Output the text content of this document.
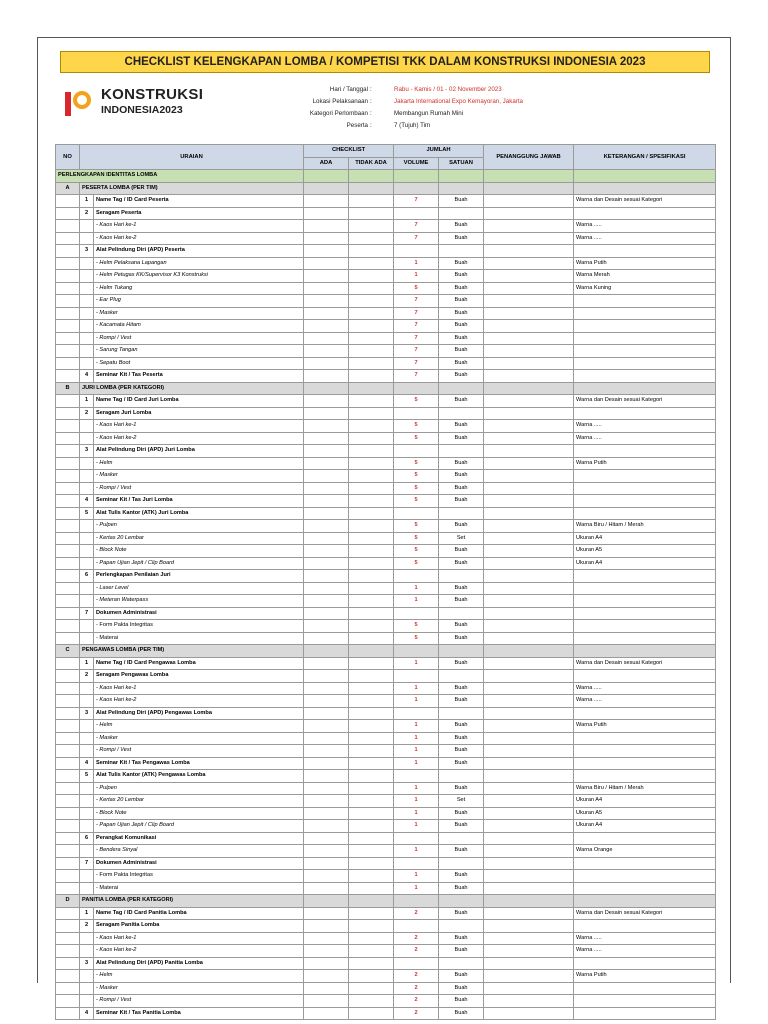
CHECKLIST KELENGKAPAN LOMBA / KOMPETISI TKK DALAM KONSTRUKSI INDONESIA 2023
KONSTRUKSI
INDONESIA2023
Hari / Tanggal :	Rabu - Kamis / 01 - 02 November 2023
Lokasi Pelaksanaan :	Jakarta International Expo Kemayoran, Jakarta
Kategori Perlombaan :	Membangun Rumah Mini
Peserta :	7 (Tujuh) Tim
NO	URAIAN		CHECKLIST		JUMLAH		PENANGGUNG JAWAB	KETERANGAN / SPESIFIKASI
			ADA	TIDAK ADA	VOLUME	SATUAN		
PERLENGKAPAN IDENTITAS LOMBA								
A	PESERTA LOMBA (PER TIM)							
	1	Name Tag / ID Card Peserta			7	Buah		Warna dan Desain sesuai Kategori
	2	Seragam Peserta						
		- Kaos Hari ke-1			7	Buah		Warna .....
		- Kaos Hari ke-2			7	Buah		Warna .....
	3	Alat Pelindung Diri (APD) Peserta						
		- Helm Pelaksana Lapangan			1	Buah		Warna Putih
		- Helm Petugas KK/Supervisor K3 Konstruksi			1	Buah		Warna Merah
		- Helm Tukang			5	Buah		Warna Kuning
		- Ear Plug			7	Buah		
		- Masker			7	Buah		
		- Kacamata Hitam			7	Buah		
		- Rompi / Vest			7	Buah		
		- Sarung Tangan			7	Buah		
		- Sepatu Boot			7	Buah		
	4	Seminar Kit / Tas Peserta			7	Buah		
B	JURI LOMBA (PER KATEGORI)							
	1	Name Tag / ID Card Juri Lomba			5	Buah		Warna dan Desain sesuai Kategori
	2	Seragam Juri Lomba						
		- Kaos Hari ke-1			5	Buah		Warna .....
		- Kaos Hari ke-2			5	Buah		Warna .....
	3	Alat Pelindung Diri (APD) Juri Lomba						
		- Helm			5	Buah		Warna Putih
		- Masker			5	Buah		
		- Rompi / Vest			5	Buah		
	4	Seminar Kit / Tas Juri Lomba			5	Buah		
	5	Alat Tulis Kantor (ATK) Juri Lomba						
		- Pulpen			5	Buah		Warna Biru / Hitam / Merah
		- Kertas 20 Lembar			5	Set		Ukuran A4
		- Block Note			5	Buah		Ukuran A5
		- Papan Ujian Jepit / Clip Board			5	Buah		Ukuran A4
	6	Perlengkapan Penilaian Juri						
		- Laser Level			1	Buah		
		- Meteran Waterpass			1	Buah		
	7	Dokumen Administrasi						
		- Form Pakta Integritas			5	Buah		
		- Materai			5	Buah		
C	PENGAWAS LOMBA (PER TIM)							
	1	Name Tag / ID Card Pengawas Lomba			1	Buah		Warna dan Desain sesuai Kategori
	2	Seragam Pengawas Lomba						
		- Kaos Hari ke-1			1	Buah		Warna .....
		- Kaos Hari ke-2			1	Buah		Warna .....
	3	Alat Pelindung Diri (APD) Pengawas Lomba						
		- Helm			1	Buah		Warna Putih
		- Masker			1	Buah		
		- Rompi / Vest			1	Buah		
	4	Seminar Kit / Tas Pengawas Lomba			1	Buah		
	5	Alat Tulis Kantor (ATK) Pengawas Lomba						
		- Pulpen			1	Buah		Warna Biru / Hitam / Merah
		- Kertas 20 Lembar			1	Set		Ukuran A4
		- Block Note			1	Buah		Ukuran A5
		- Papan Ujian Jepit / Clip Board			1	Buah		Ukuran A4
	6	Perangkat Komunikasi						
		- Bendera Sinyal			1	Buah		Warna Orange
	7	Dokumen Administrasi						
		- Form Pakta Integritas			1	Buah		
		- Materai			1	Buah		
D	PANITIA LOMBA (PER KATEGORI)							
	1	Name Tag / ID Card Panitia Lomba			2	Buah		Warna dan Desain sesuai Kategori
	2	Seragam Panitia Lomba						
		- Kaos Hari ke-1			2	Buah		Warna .....
		- Kaos Hari ke-2			2	Buah		Warna .....
	3	Alat Pelindung Diri (APD) Panitia Lomba						
		- Helm			2	Buah		Warna Putih
		- Masker			2	Buah		
		- Rompi / Vest			2	Buah		
	4	Seminar Kit / Tas Panitia Lomba			2	Buah		
